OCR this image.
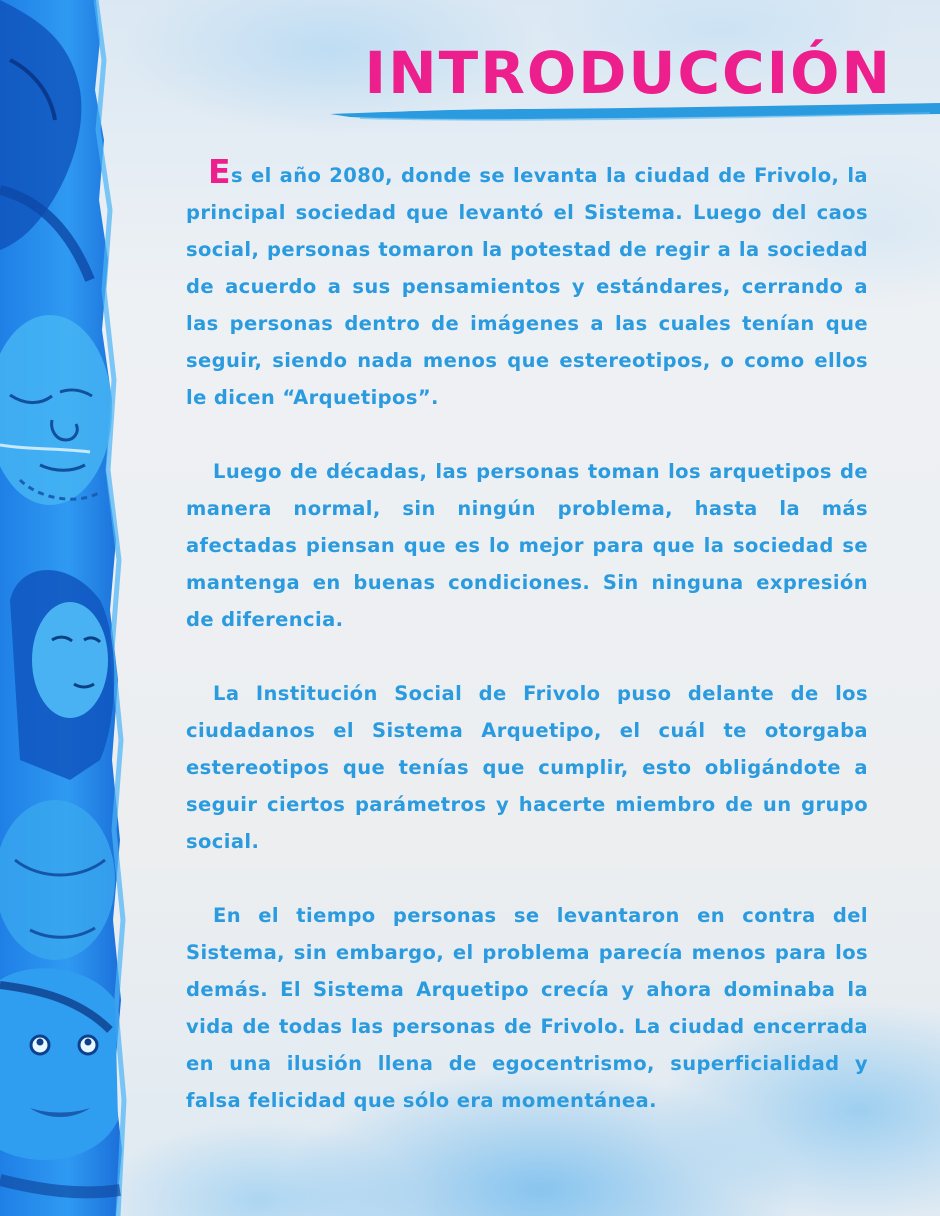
INTRODUCCIÓN

Es el año 2080, donde se levanta la ciudad de Frivolo, la principal sociedad que levantó el Sistema. Luego del caos social, personas tomaron la potestad de regir a la sociedad de acuerdo a sus pensamientos y estándares, cerrando a las personas dentro de imágenes a las cuales tenían que seguir, siendo nada menos que estereotipos, o como ellos le dicen “Arquetipos”.

Luego de décadas, las personas toman los arquetipos de manera normal, sin ningún problema, hasta la más afectadas piensan que es lo mejor para que la sociedad se mantenga en buenas condiciones. Sin ninguna expresión de diferencia.

La Institución Social de Frivolo puso delante de los ciudadanos el Sistema Arquetipo, el cuál te otorgaba estereotipos que tenías que cumplir, esto obligándote a seguir ciertos parámetros y hacerte miembro de un grupo social.

En el tiempo personas se levantaron en contra del Sistema, sin embargo, el problema parecía menos para los demás. El Sistema Arquetipo crecía y ahora dominaba la vida de todas las personas de Frivolo. La ciudad encerrada en una ilusión llena de egocentrismo, superficialidad y falsa felicidad que sólo era momentánea.
